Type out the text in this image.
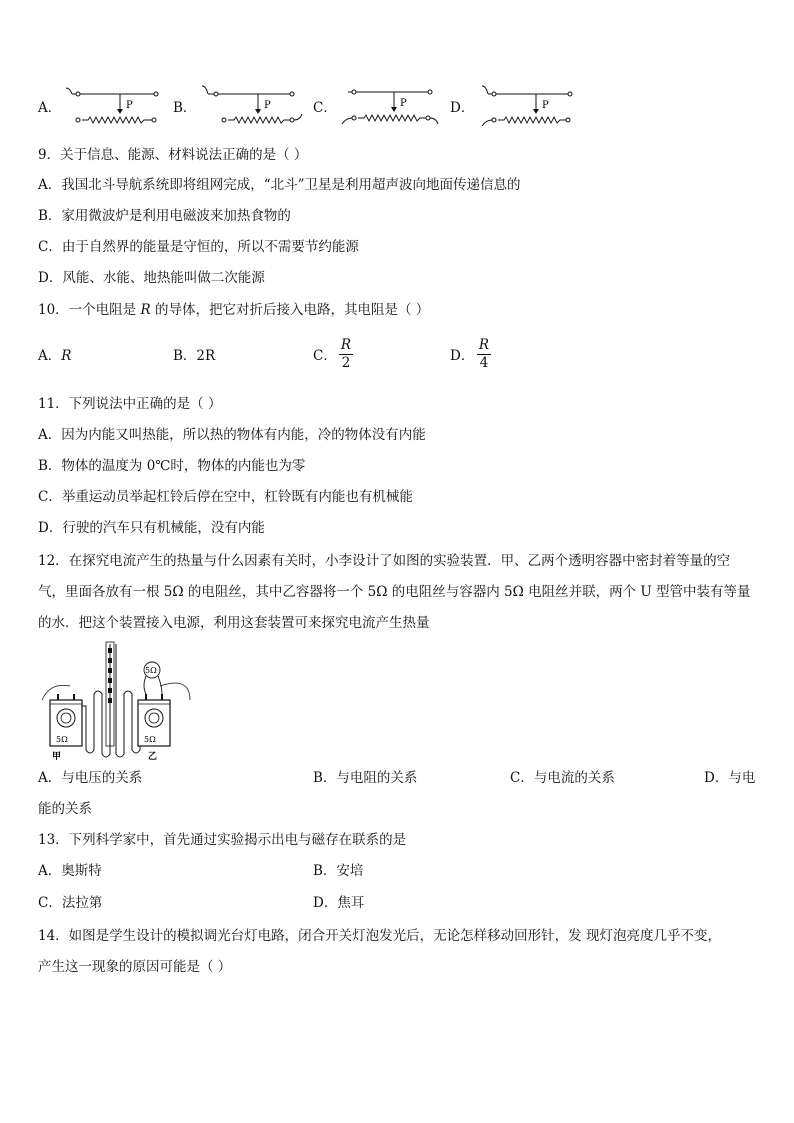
A．	B．	C．	D．
P	P	P	P
9．关于信息、能源、材料说法正确的是（ ）
A．我国北斗导航系统即将组网完成，“北斗”卫星是利用超声波向地面传递信息的
B．家用微波炉是利用电磁波来加热食物的
C．由于自然界的能量是守恒的，所以不需要节约能源
D．风能、水能、地热能叫做二次能源
10．一个电阻是 R 的导体，把它对折后接入电路，其电阻是（ ）
A．R	B．2R	C．
R
2	D．
R
4
11．下列说法中正确的是（ ）
A．因为内能又叫热能，所以热的物体有内能，冷的物体没有内能
B．物体的温度为 0℃时，物体的内能也为零
C．举重运动员举起杠铃后停在空中，杠铃既有内能也有机械能
D．行驶的汽车只有机械能，没有内能
12．在探究电流产生的热量与什么因素有关时，小李设计了如图的实验装置．甲、乙两个透明容器中密封着等量的空
气，里面各放有一根 5Ω 的电阻丝，其中乙容器将一个 5Ω 的电阻丝与容器内 5Ω 电阻丝并联，两个 U 型管中装有等量
的水．把这个装置接入电源，利用这套装置可来探究电流产生热量
5Ω
甲
5Ω
乙
5Ω
A．与电压的关系	B．与电阻的关系	C．与电流的关系	D．与电
能的关系
13．下列科学家中，首先通过实验揭示出电与磁存在联系的是
A．奥斯特	B．安培
C．法拉第	D．焦耳
14．如图是学生设计的模拟调光台灯电路，闭合开关灯泡发光后，无论怎样移动回形针，发 现灯泡亮度几乎不变，
产生这一现象的原因可能是（ ）
